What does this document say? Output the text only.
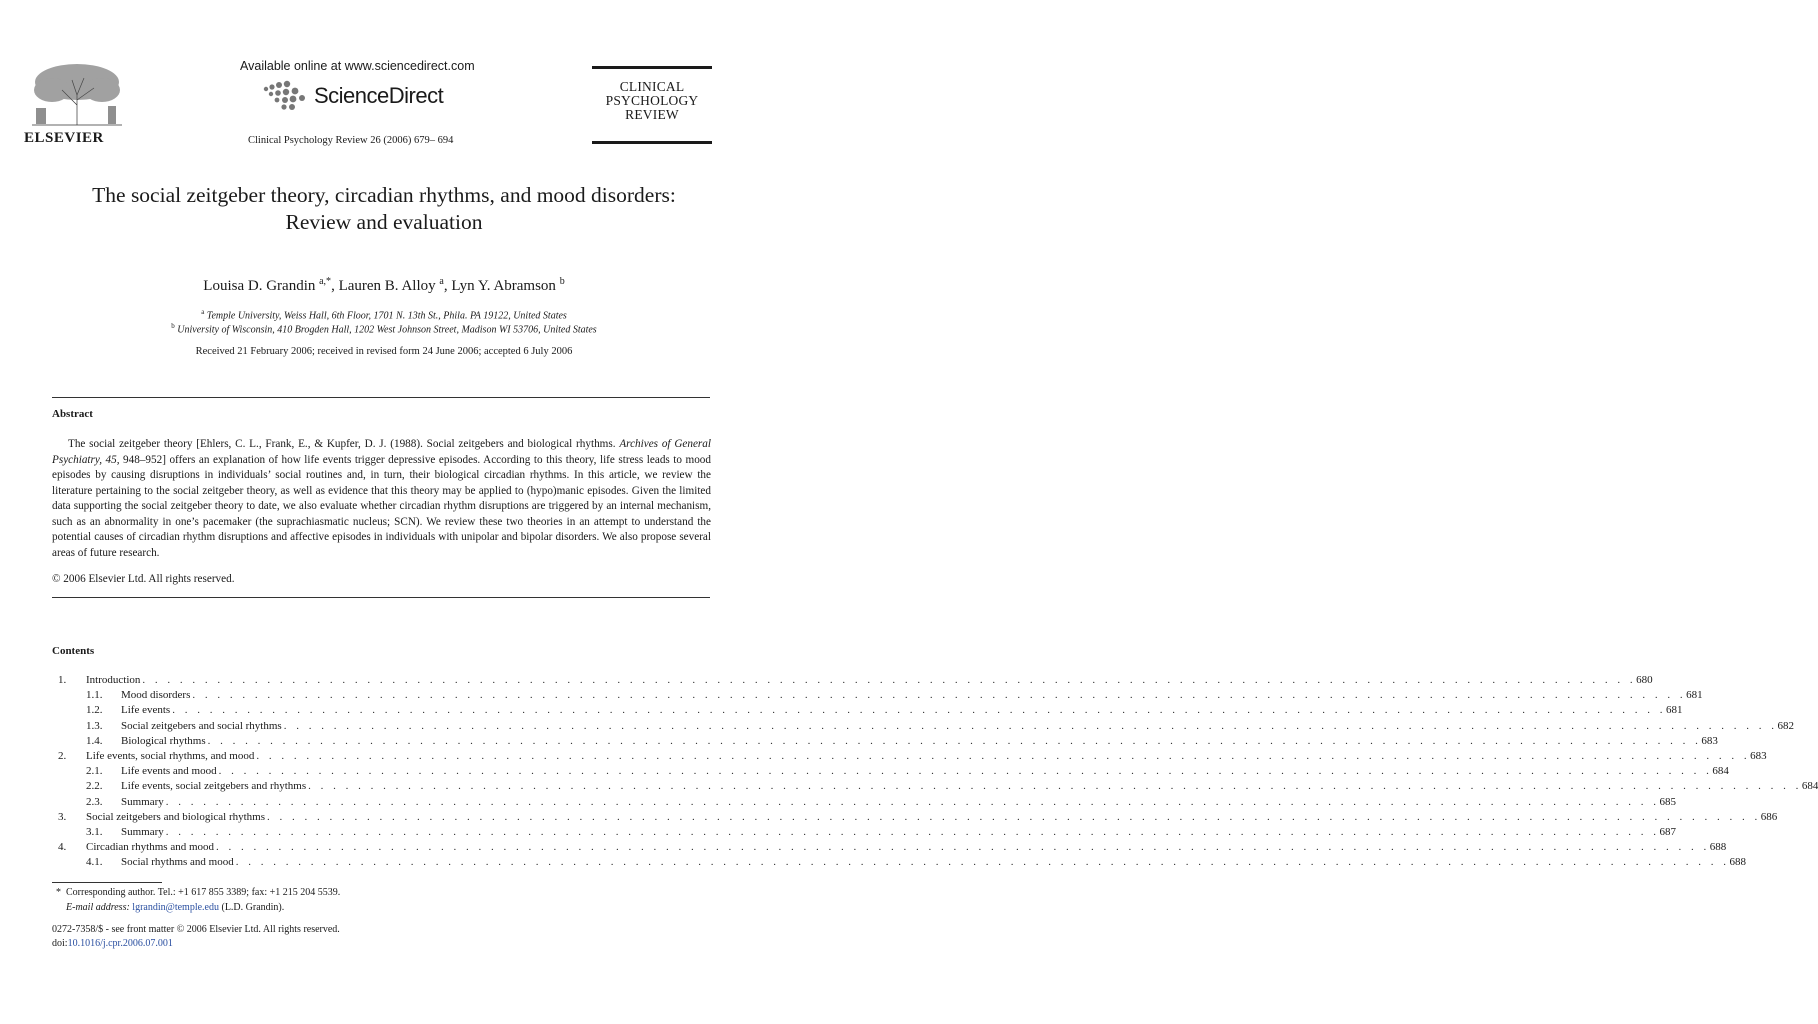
ELSEVIER
Available online at www.sciencedirect.com
ScienceDirect
Clinical Psychology Review 26 (2006) 679– 694
CLINICAL
PSYCHOLOGY
REVIEW
The social zeitgeber theory, circadian rhythms, and mood disorders:
Review and evaluation
Louisa D. Grandin $^{a,*}$, Lauren B. Alloy $^a$, Lyn Y. Abramson $^b$
$^a$ Temple University, Weiss Hall, 6th Floor, 1701 N. 13th St., Phila. PA 19122, United States
$^b$ University of Wisconsin, 410 Brogden Hall, 1202 West Johnson Street, Madison WI 53706, United States
Received 21 February 2006; received in revised form 24 June 2006; accepted 6 July 2006
Abstract

The social zeitgeber theory [Ehlers, C. L., Frank, E., & Kupfer, D. J. (1988). Social zeitgebers and biological rhythms. Archives of General Psychiatry, 45, 948–952] offers an explanation of how life events trigger depressive episodes. According to this theory, life stress leads to mood episodes by causing disruptions in individuals’ social routines and, in turn, their biological circadian rhythms. In this article, we review the literature pertaining to the social zeitgeber theory, as well as evidence that this theory may be applied to (hypo)manic episodes. Given the limited data supporting the social zeitgeber theory to date, we also evaluate whether circadian rhythm disruptions are triggered by an internal mechanism, such as an abnormality in one’s pacemaker (the suprachiasmatic nucleus; SCN). We review these two theories in an attempt to understand the potential causes of circadian rhythm disruptions and affective episodes in individuals with unipolar and bipolar disorders. We also propose several areas of future research.

© 2006 Elsevier Ltd. All rights reserved.
Contents
1. Introduction . . . . . . . . . . . . . . . . . . . . . . . . . . . . . . . . . . . . . . . . . . . . . . . . . . . . . . . . . . . . . . . . . . . . . . . . . . . . . . . . . . . . . . . . . . . . . . . . . . . . . . . . . . . . . . . . . . . . . . . . 680
1.1. Mood disorders . . . . . . . . . . . . . . . . . . . . . . . . . . . . . . . . . . . . . . . . . . . . . . . . . . . . . . . . . . . . . . . . . . . . . . . . . . . . . . . . . . . . . . . . . . . . . . . . . . . . . . . . . . . . . . . . . . . . . . . . 681
1.2. Life events . . . . . . . . . . . . . . . . . . . . . . . . . . . . . . . . . . . . . . . . . . . . . . . . . . . . . . . . . . . . . . . . . . . . . . . . . . . . . . . . . . . . . . . . . . . . . . . . . . . . . . . . . . . . . . . . . . . . . . . . 681
1.3. Social zeitgebers and social rhythms . . . . . . . . . . . . . . . . . . . . . . . . . . . . . . . . . . . . . . . . . . . . . . . . . . . . . . . . . . . . . . . . . . . . . . . . . . . . . . . . . . . . . . . . . . . . . . . . . . . . . . . . . . . . . . . . . . . . . . . . 682
1.4. Biological rhythms . . . . . . . . . . . . . . . . . . . . . . . . . . . . . . . . . . . . . . . . . . . . . . . . . . . . . . . . . . . . . . . . . . . . . . . . . . . . . . . . . . . . . . . . . . . . . . . . . . . . . . . . . . . . . . . . . . . . . . . . 683
2. Life events, social rhythms, and mood . . . . . . . . . . . . . . . . . . . . . . . . . . . . . . . . . . . . . . . . . . . . . . . . . . . . . . . . . . . . . . . . . . . . . . . . . . . . . . . . . . . . . . . . . . . . . . . . . . . . . . . . . . . . . . . . . . . . . . . . 683
2.1. Life events and mood . . . . . . . . . . . . . . . . . . . . . . . . . . . . . . . . . . . . . . . . . . . . . . . . . . . . . . . . . . . . . . . . . . . . . . . . . . . . . . . . . . . . . . . . . . . . . . . . . . . . . . . . . . . . . . . . . . . . . . . . 684
2.2. Life events, social zeitgebers and rhythms . . . . . . . . . . . . . . . . . . . . . . . . . . . . . . . . . . . . . . . . . . . . . . . . . . . . . . . . . . . . . . . . . . . . . . . . . . . . . . . . . . . . . . . . . . . . . . . . . . . . . . . . . . . . . . . . . . . . . . . . 684
2.3. Summary . . . . . . . . . . . . . . . . . . . . . . . . . . . . . . . . . . . . . . . . . . . . . . . . . . . . . . . . . . . . . . . . . . . . . . . . . . . . . . . . . . . . . . . . . . . . . . . . . . . . . . . . . . . . . . . . . . . . . . . . 685
3. Social zeitgebers and biological rhythms . . . . . . . . . . . . . . . . . . . . . . . . . . . . . . . . . . . . . . . . . . . . . . . . . . . . . . . . . . . . . . . . . . . . . . . . . . . . . . . . . . . . . . . . . . . . . . . . . . . . . . . . . . . . . . . . . . . . . . . . 686
3.1. Summary . . . . . . . . . . . . . . . . . . . . . . . . . . . . . . . . . . . . . . . . . . . . . . . . . . . . . . . . . . . . . . . . . . . . . . . . . . . . . . . . . . . . . . . . . . . . . . . . . . . . . . . . . . . . . . . . . . . . . . . . 687
4. Circadian rhythms and mood . . . . . . . . . . . . . . . . . . . . . . . . . . . . . . . . . . . . . . . . . . . . . . . . . . . . . . . . . . . . . . . . . . . . . . . . . . . . . . . . . . . . . . . . . . . . . . . . . . . . . . . . . . . . . . . . . . . . . . . . 688
4.1. Social rhythms and mood . . . . . . . . . . . . . . . . . . . . . . . . . . . . . . . . . . . . . . . . . . . . . . . . . . . . . . . . . . . . . . . . . . . . . . . . . . . . . . . . . . . . . . . . . . . . . . . . . . . . . . . . . . . . . . . . . . . . . . . . 688
* Corresponding author. Tel.: +1 617 855 3389; fax: +1 215 204 5539.
E-mail address: lgrandin@temple.edu (L.D. Grandin).
0272-7358/$ - see front matter © 2006 Elsevier Ltd. All rights reserved.
doi:10.1016/j.cpr.2006.07.001
